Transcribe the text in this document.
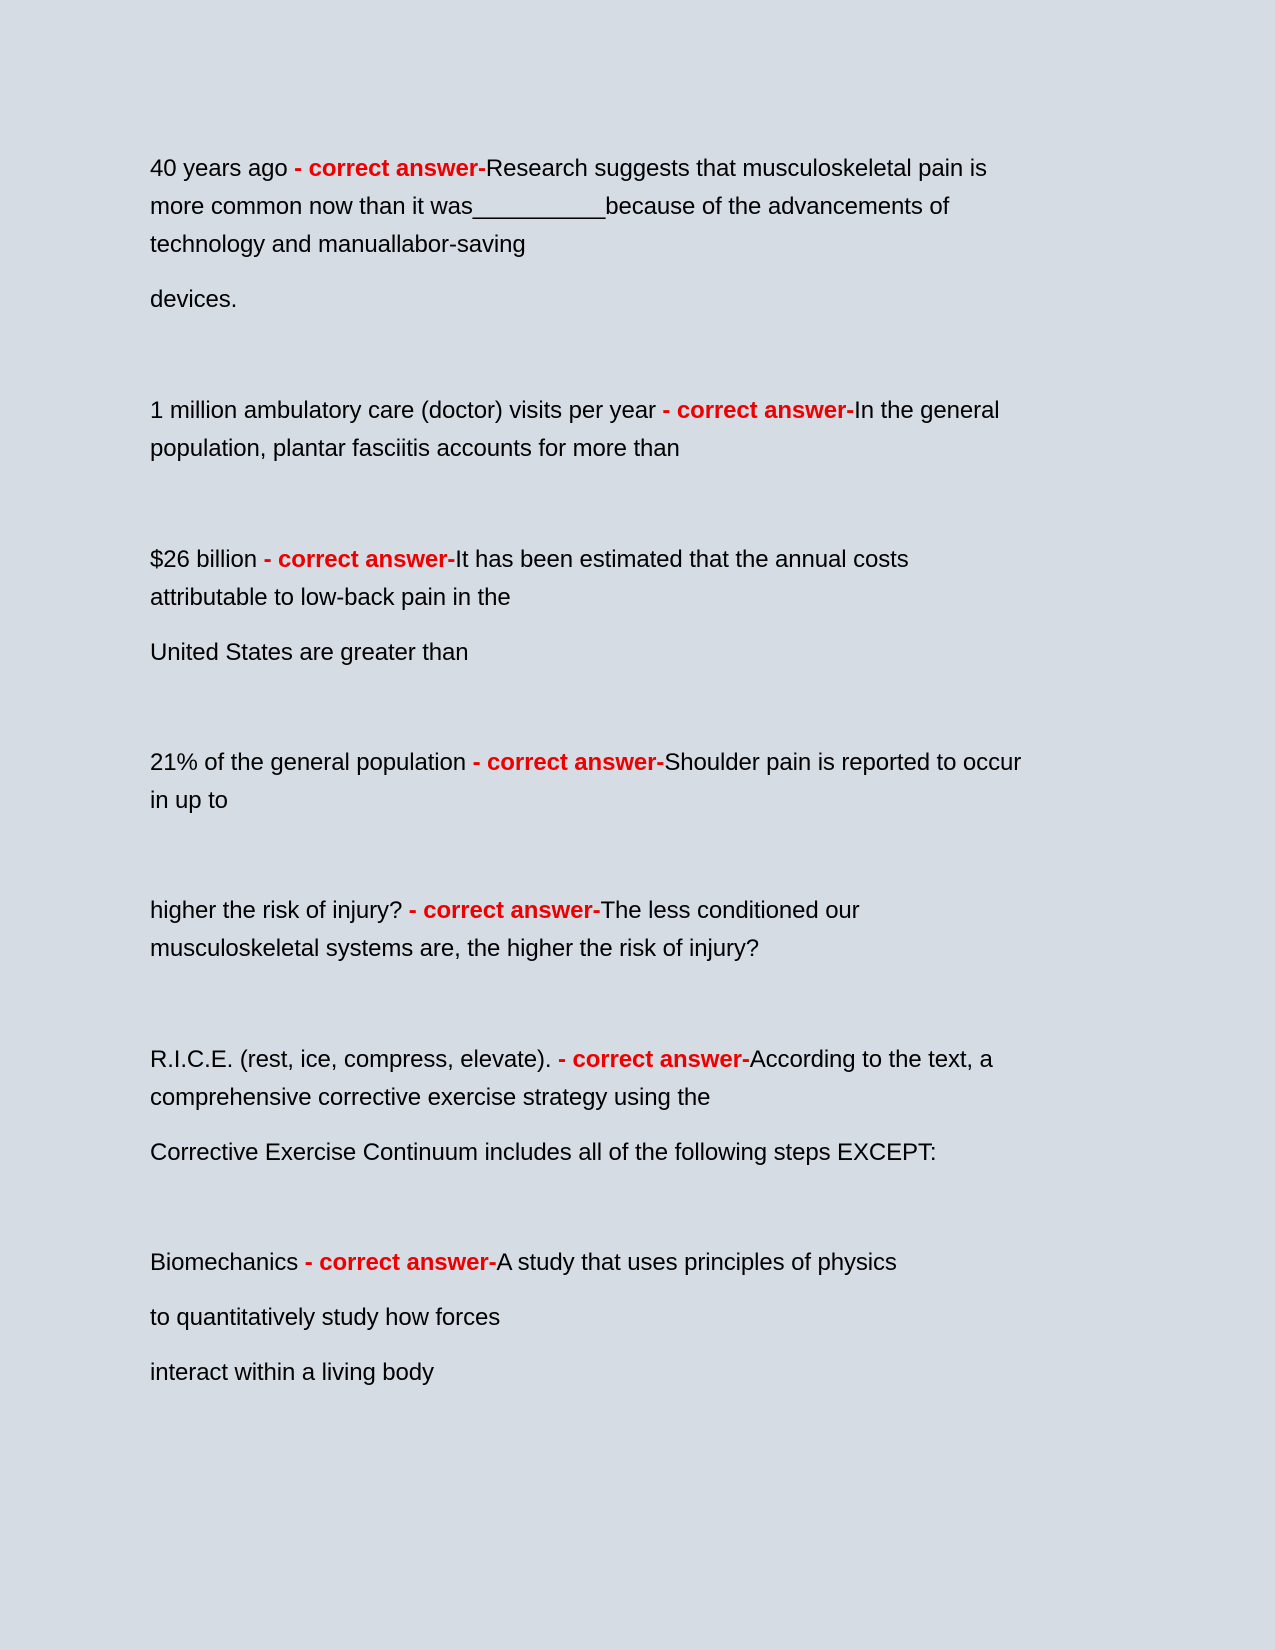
40 years ago - correct answer-Research suggests that musculoskeletal pain is
more common now than it was__________because of the advancements of
technology and manuallabor-saving
devices.
1 million ambulatory care (doctor) visits per year - correct answer-In the general
population, plantar fasciitis accounts for more than
$26 billion - correct answer-It has been estimated that the annual costs
attributable to low-back pain in the
United States are greater than
21% of the general population - correct answer-Shoulder pain is reported to occur
in up to
higher the risk of injury? - correct answer-The less conditioned our
musculoskeletal systems are, the higher the risk of injury?
R.I.C.E. (rest, ice, compress, elevate). - correct answer-According to the text, a
comprehensive corrective exercise strategy using the
Corrective Exercise Continuum includes all of the following steps EXCEPT:
Biomechanics - correct answer-A study that uses principles of physics
to quantitatively study how forces
interact within a living body
